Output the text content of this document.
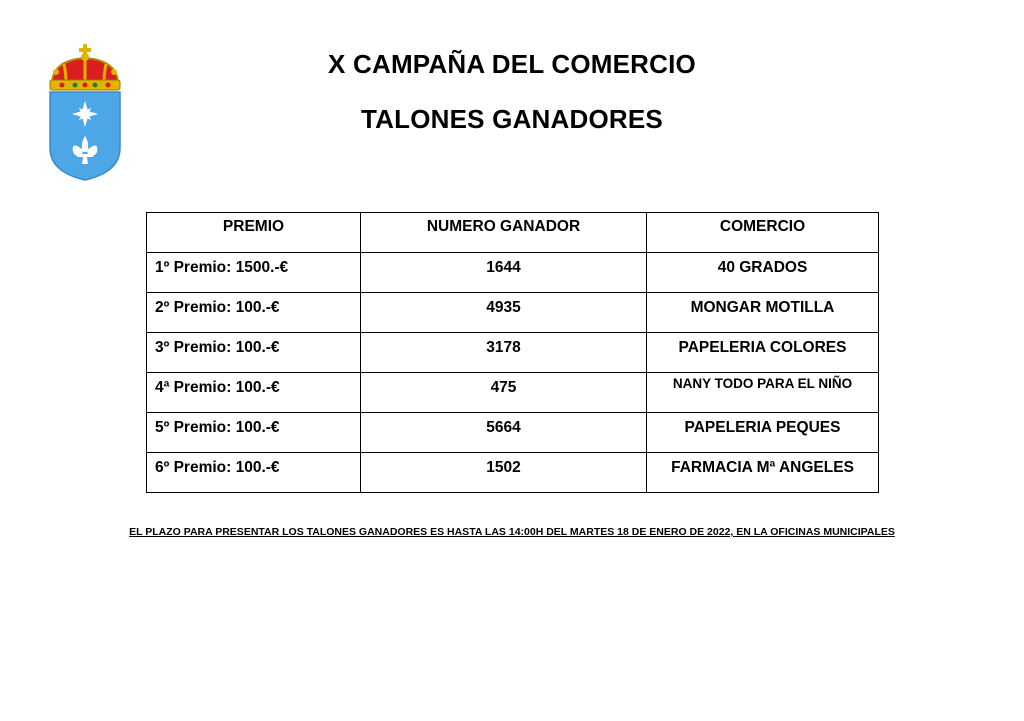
X CAMPAÑA DEL COMERCIO
TALONES GANADORES
PREMIO	NUMERO GANADOR	COMERCIO
1º Premio: 1500.-€	1644	40 GRADOS
2º Premio: 100.-€	4935	MONGAR MOTILLA
3º Premio: 100.-€	3178	PAPELERIA COLORES
4ª Premio: 100.-€	475	NANY TODO PARA EL NIÑO
5º Premio: 100.-€	5664	PAPELERIA PEQUES
6º Premio: 100.-€	1502	FARMACIA Mª ANGELES
EL PLAZO PARA PRESENTAR LOS TALONES GANADORES ES HASTA LAS 14:00H DEL MARTES 18 DE ENERO DE 2022, EN LA OFICINAS MUNICIPALES
